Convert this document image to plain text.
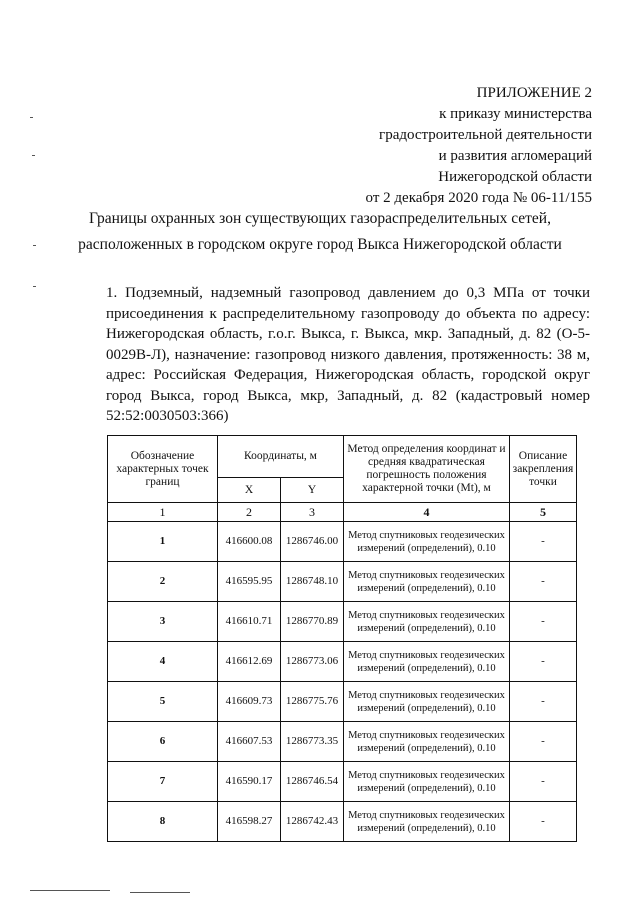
ПРИЛОЖЕНИЕ 2
к приказу министерства
градостроительной деятельности
и развития агломераций
Нижегородской области
от 2 декабря 2020 года № 06-11/155
Границы охранных зон существующих газораспределительных сетей,
расположенных в городском округе город Выкса Нижегородской области
1. Подземный, надземный газопровод давлением до 0,3 МПа от точки присоединения к распределительному газопроводу до объекта по адресу: Нижегородская область, г.о.г. Выкса, г. Выкса, мкр. Западный, д. 82 (О-5-0029В-Л), назначение: газопровод низкого давления, протяженность: 38 м, адрес: Российская Федерация, Нижегородская область, городской округ город Выкса, город Выкса, мкр, Западный, д. 82 (кадастровый номер 52:52:0030503:366)
Обозначение характерных точек границ	Координаты, м		Метод определения координат и средняя квадратическая погрешность положения характерной точки (Mt), м	Описание закрепления точки
	X	Y		
1	2	3	4	5
1	416600.08	1286746.00	Метод спутниковых геодезических измерений (определений), 0.10	-
2	416595.95	1286748.10	Метод спутниковых геодезических измерений (определений), 0.10	-
3	416610.71	1286770.89	Метод спутниковых геодезических измерений (определений), 0.10	-
4	416612.69	1286773.06	Метод спутниковых геодезических измерений (определений), 0.10	-
5	416609.73	1286775.76	Метод спутниковых геодезических измерений (определений), 0.10	-
6	416607.53	1286773.35	Метод спутниковых геодезических измерений (определений), 0.10	-
7	416590.17	1286746.54	Метод спутниковых геодезических измерений (определений), 0.10	-
8	416598.27	1286742.43	Метод спутниковых геодезических измерений (определений), 0.10	-
